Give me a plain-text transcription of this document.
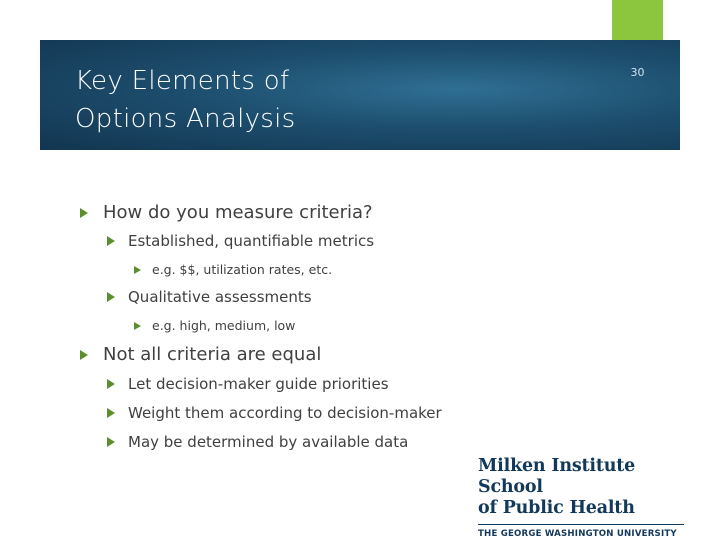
Key Elements of
Options Analysis
30
How do you measure criteria?
Established, quantifiable metrics
e.g. $$, utilization rates, etc.
Qualitative assessments
e.g. high, medium, low
Not all criteria are equal
Let decision-maker guide priorities
Weight them according to decision-maker
May be determined by available data
Milken Institute School
of Public Health
THE GEORGE WASHINGTON UNIVERSITY
